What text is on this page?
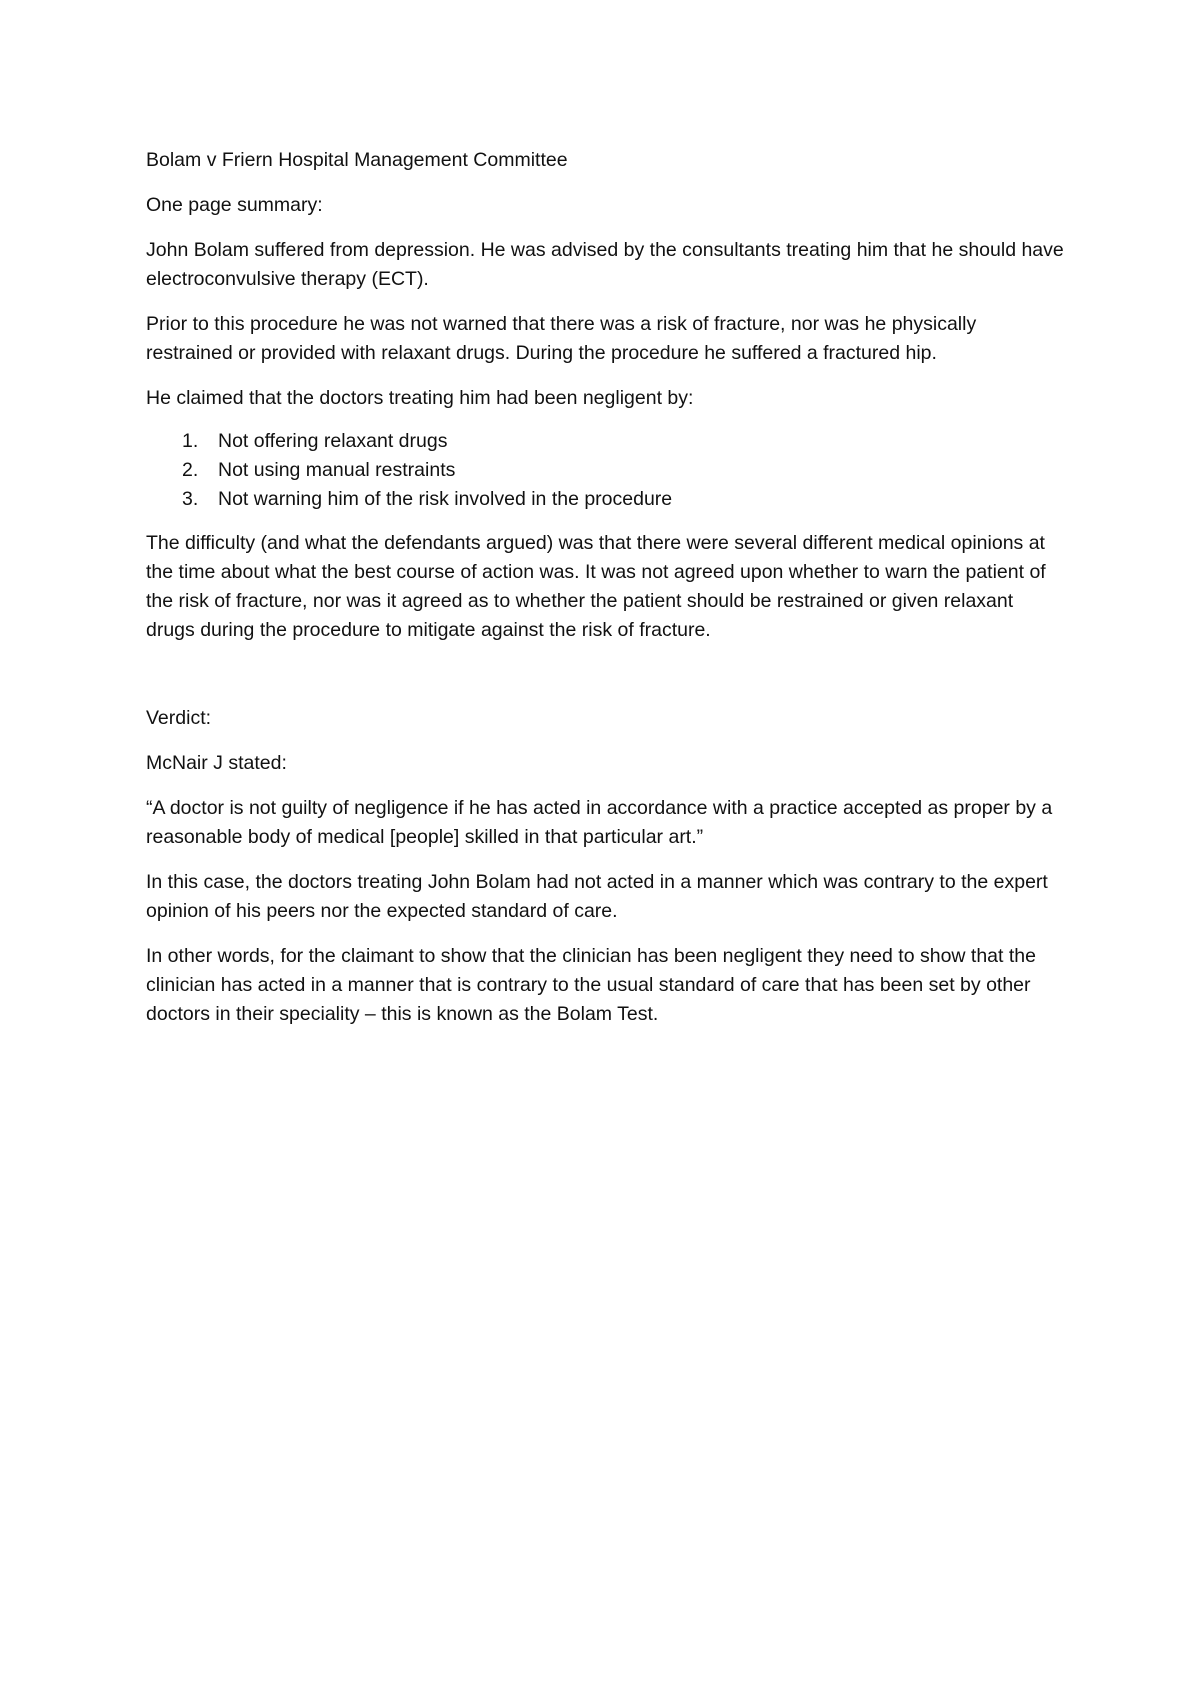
Bolam v Friern Hospital Management Committee

One page summary:

John Bolam suffered from depression. He was advised by the consultants treating him that he should have electroconvulsive therapy (ECT).

Prior to this procedure he was not warned that there was a risk of fracture, nor was he physically restrained or provided with relaxant drugs. During the procedure he suffered a fractured hip.

He claimed that the doctors treating him had been negligent by:

1.	Not offering relaxant drugs
2.	Not using manual restraints
3.	Not warning him of the risk involved in the procedure

The difficulty (and what the defendants argued) was that there were several different medical opinions at the time about what the best course of action was. It was not agreed upon whether to warn the patient of the risk of fracture, nor was it agreed as to whether the patient should be restrained or given relaxant drugs during the procedure to mitigate against the risk of fracture.

Verdict:

McNair J stated:

“A doctor is not guilty of negligence if he has acted in accordance with a practice accepted as proper by a reasonable body of medical [people] skilled in that particular art.”

In this case, the doctors treating John Bolam had not acted in a manner which was contrary to the expert opinion of his peers nor the expected standard of care.

In other words, for the claimant to show that the clinician has been negligent they need to show that the clinician has acted in a manner that is contrary to the usual standard of care that has been set by other doctors in their speciality – this is known as the Bolam Test.
